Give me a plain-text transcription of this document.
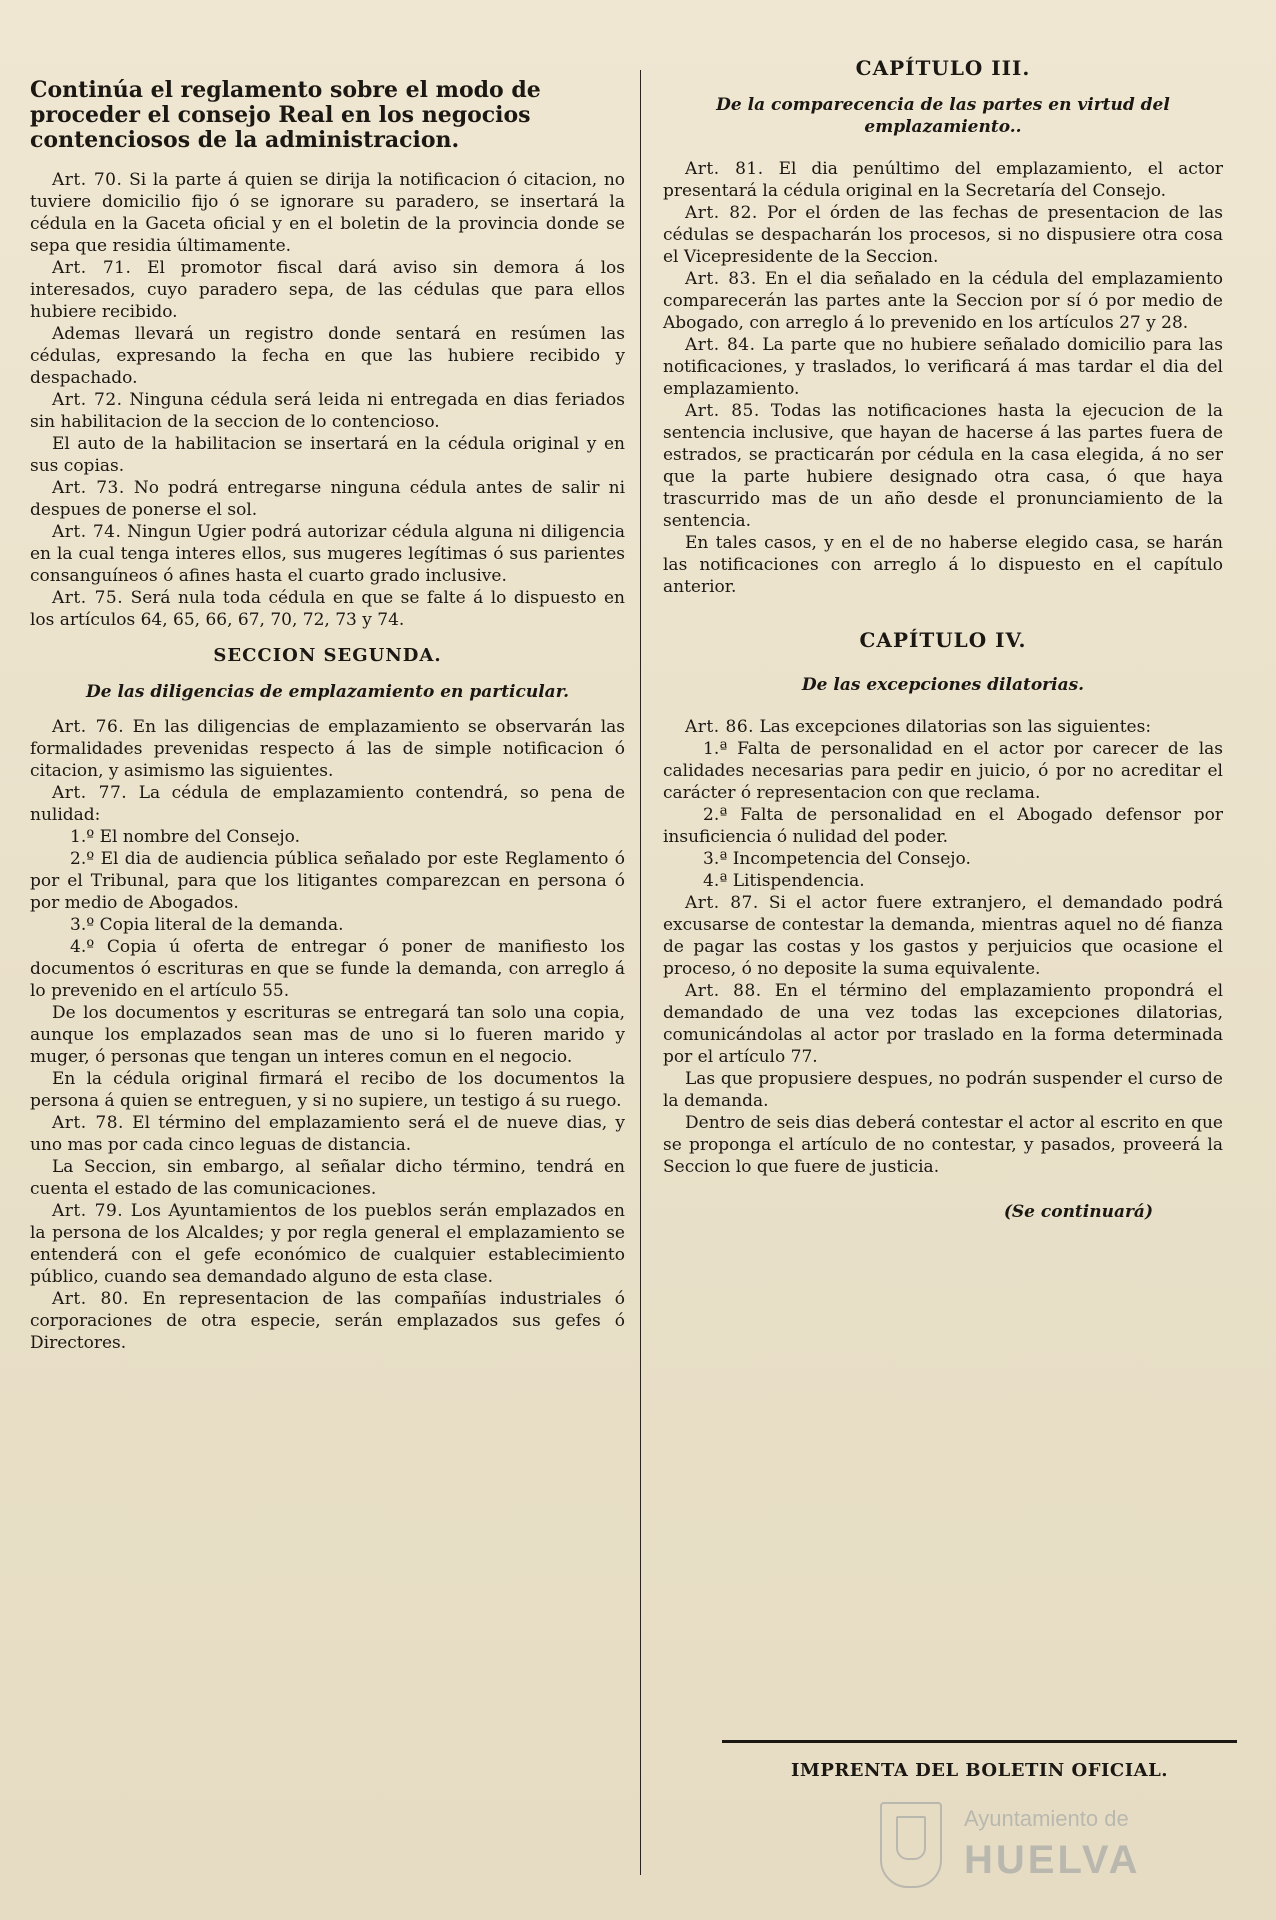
Continúa el reglamento sobre el modo de proceder el consejo Real en los negocios contenciosos de la administracion.

Art. 70. Si la parte á quien se dirija la notificacion ó citacion, no tuviere domicilio fijo ó se ignorare su paradero, se insertará la cédula en la Gaceta oficial y en el boletin de la provincia donde se sepa que residia últimamente.

Art. 71. El promotor fiscal dará aviso sin demora á los interesados, cuyo paradero sepa, de las cédulas que para ellos hubiere recibido.

Ademas llevará un registro donde sentará en resúmen las cédulas, expresando la fecha en que las hubiere recibido y despachado.

Art. 72. Ninguna cédula será leida ni entregada en dias feriados sin habilitacion de la seccion de lo contencioso.

El auto de la habilitacion se insertará en la cédula original y en sus copias.

Art. 73. No podrá entregarse ninguna cédula antes de salir ni despues de ponerse el sol.

Art. 74. Ningun Ugier podrá autorizar cédula alguna ni diligencia en la cual tenga interes ellos, sus mugeres legítimas ó sus parientes consanguíneos ó afines hasta el cuarto grado inclusive.

Art. 75. Será nula toda cédula en que se falte á lo dispuesto en los artículos 64, 65, 66, 67, 70, 72, 73 y 74.

SECCION SEGUNDA.
De las diligencias de emplazamiento en particular.

Art. 76. En las diligencias de emplazamiento se observarán las formalidades prevenidas respecto á las de simple notificacion ó citacion, y asimismo las siguientes.

Art. 77. La cédula de emplazamiento contendrá, so pena de nulidad:

1.º El nombre del Consejo.

2.º El dia de audiencia pública señalado por este Reglamento ó por el Tribunal, para que los litigantes comparezcan en persona ó por medio de Abogados.

3.º Copia literal de la demanda.

4.º Copia ú oferta de entregar ó poner de manifiesto los documentos ó escrituras en que se funde la demanda, con arreglo á lo prevenido en el artículo 55.

De los documentos y escrituras se entregará tan solo una copia, aunque los emplazados sean mas de uno si lo fueren marido y muger, ó personas que tengan un interes comun en el negocio.

En la cédula original firmará el recibo de los documentos la persona á quien se entreguen, y si no supiere, un testigo á su ruego.

Art. 78. El término del emplazamiento será el de nueve dias, y uno mas por cada cinco leguas de distancia.

La Seccion, sin embargo, al señalar dicho término, tendrá en cuenta el estado de las comunicaciones.

Art. 79. Los Ayuntamientos de los pueblos serán emplazados en la persona de los Alcaldes; y por regla general el emplazamiento se entenderá con el gefe económico de cualquier establecimiento público, cuando sea demandado alguno de esta clase.

Art. 80. En representacion de las compañías industriales ó corporaciones de otra especie, serán emplazados sus gefes ó Directores.

CAPÍTULO III.
De la comparecencia de las partes en virtud del emplazamiento..

Art. 81. El dia penúltimo del emplazamiento, el actor presentará la cédula original en la Secretaría del Consejo.

Art. 82. Por el órden de las fechas de presentacion de las cédulas se despacharán los procesos, si no dispusiere otra cosa el Vicepresidente de la Seccion.

Art. 83. En el dia señalado en la cédula del emplazamiento comparecerán las partes ante la Seccion por sí ó por medio de Abogado, con arreglo á lo prevenido en los artículos 27 y 28.

Art. 84. La parte que no hubiere señalado domicilio para las notificaciones, y traslados, lo verificará á mas tardar el dia del emplazamiento.

Art. 85. Todas las notificaciones hasta la ejecucion de la sentencia inclusive, que hayan de hacerse á las partes fuera de estrados, se practicarán por cédula en la casa elegida, á no ser que la parte hubiere designado otra casa, ó que haya trascurrido mas de un año desde el pronunciamiento de la sentencia.

En tales casos, y en el de no haberse elegido casa, se harán las notificaciones con arreglo á lo dispuesto en el capítulo anterior.

CAPÍTULO IV.
De las excepciones dilatorias.

Art. 86. Las excepciones dilatorias son las siguientes:

1.ª Falta de personalidad en el actor por carecer de las calidades necesarias para pedir en juicio, ó por no acreditar el carácter ó representacion con que reclama.

2.ª Falta de personalidad en el Abogado defensor por insuficiencia ó nulidad del poder.

3.ª Incompetencia del Consejo.

4.ª Litispendencia.

Art. 87. Si el actor fuere extranjero, el demandado podrá excusarse de contestar la demanda, mientras aquel no dé fianza de pagar las costas y los gastos y perjuicios que ocasione el proceso, ó no deposite la suma equivalente.

Art. 88. En el término del emplazamiento propondrá el demandado de una vez todas las excepciones dilatorias, comunicándolas al actor por traslado en la forma determinada por el artículo 77.

Las que propusiere despues, no podrán suspender el curso de la demanda.

Dentro de seis dias deberá contestar el actor al escrito en que se proponga el artículo de no contestar, y pasados, proveerá la Seccion lo que fuere de justicia.

(Se continuará)
IMPRENTA DEL BOLETIN OFICIAL.
Ayuntamiento de
HUELVA
